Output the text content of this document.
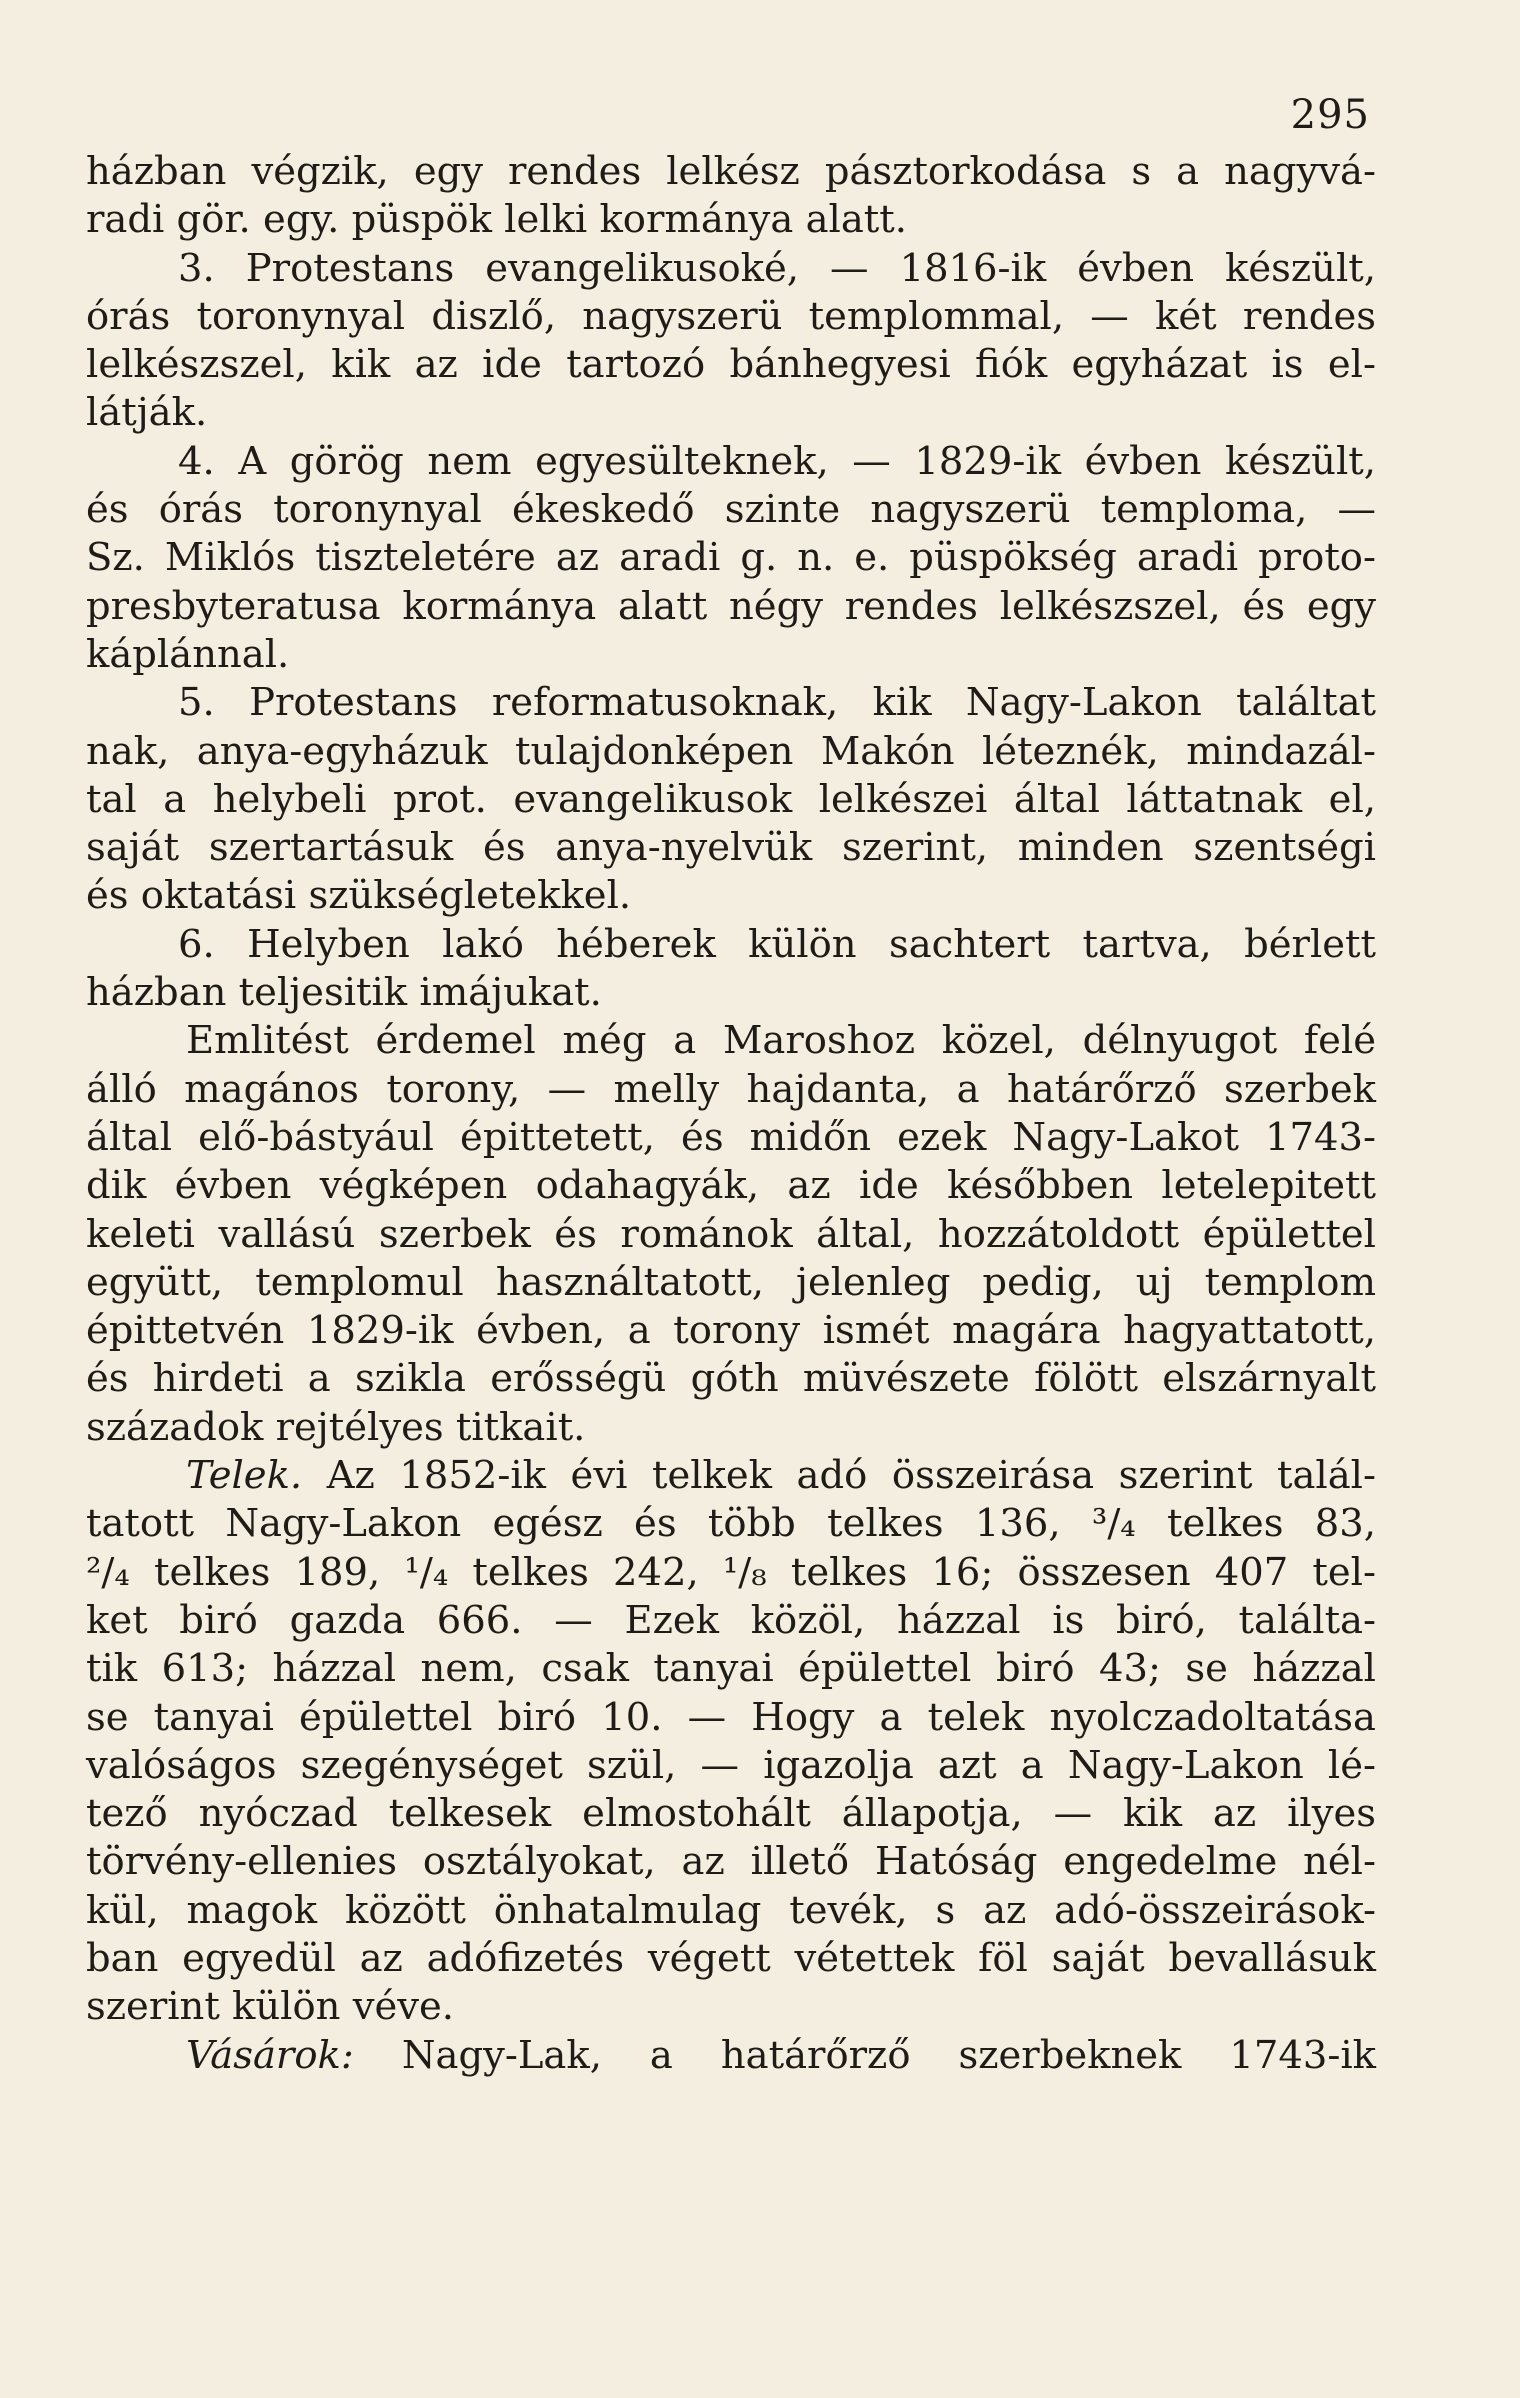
295
házban végzik, egy rendes lelkész pásztorkodása s a nagyvá-
radi gör. egy. püspök lelki kormánya alatt.
3. Protestans evangelikusoké, — 1816-ik évben készült,
órás toronynyal diszlő, nagyszerü templommal, — két rendes
lelkészszel, kik az ide tartozó bánhegyesi fiók egyházat is el-
látják.
4. A görög nem egyesülteknek, — 1829-ik évben készült,
és órás toronynyal ékeskedő szinte nagyszerü temploma, —
Sz. Miklós tiszteletére az aradi g. n. e. püspökség aradi proto-
presbyteratusa kormánya alatt négy rendes lelkészszel, és egy
káplánnal.
5. Protestans reformatusoknak, kik Nagy-Lakon találtat
nak, anya-egyházuk tulajdonképen Makón léteznék, mindazál-
tal a helybeli prot. evangelikusok lelkészei által láttatnak el,
saját szertartásuk és anya-nyelvük szerint, minden szentségi
és oktatási szükségletekkel.
6. Helyben lakó héberek külön sachtert tartva, bérlett
házban teljesitik imájukat.
Emlitést érdemel még a Maroshoz közel, délnyugot felé
álló magános torony, — melly hajdanta, a határőrző szerbek
által elő-bástyául épittetett, és midőn ezek Nagy-Lakot 1743-
dik évben végképen odahagyák, az ide későbben letelepitett
keleti vallású szerbek és románok által, hozzátoldott épülettel
együtt, templomul használtatott, jelenleg pedig, uj templom
épittetvén 1829-ik évben, a torony ismét magára hagyattatott,
és hirdeti a szikla erősségü góth müvészete fölött elszárnyalt
századok rejtélyes titkait.
Telek. Az 1852-ik évi telkek adó összeirása szerint talál-
tatott Nagy-Lakon egész és több telkes 136, ³/₄ telkes 83,
²/₄ telkes 189, ¹/₄ telkes 242, ¹/₈ telkes 16; összesen 407 tel-
ket biró gazda 666. — Ezek közöl, házzal is biró, találta-
tik 613; házzal nem, csak tanyai épülettel biró 43; se házzal
se tanyai épülettel biró 10. — Hogy a telek nyolczadoltatása
valóságos szegénységet szül, — igazolja azt a Nagy-Lakon lé-
tező nyóczad telkesek elmostohált állapotja, — kik az ilyes
törvény-ellenies osztályokat, az illető Hatóság engedelme nél-
kül, magok között önhatalmulag tevék, s az adó-összeirások-
ban egyedül az adófizetés végett vétettek föl saját bevallásuk
szerint külön véve.
Vásárok: Nagy-Lak, a határőrző szerbeknek 1743-ik
